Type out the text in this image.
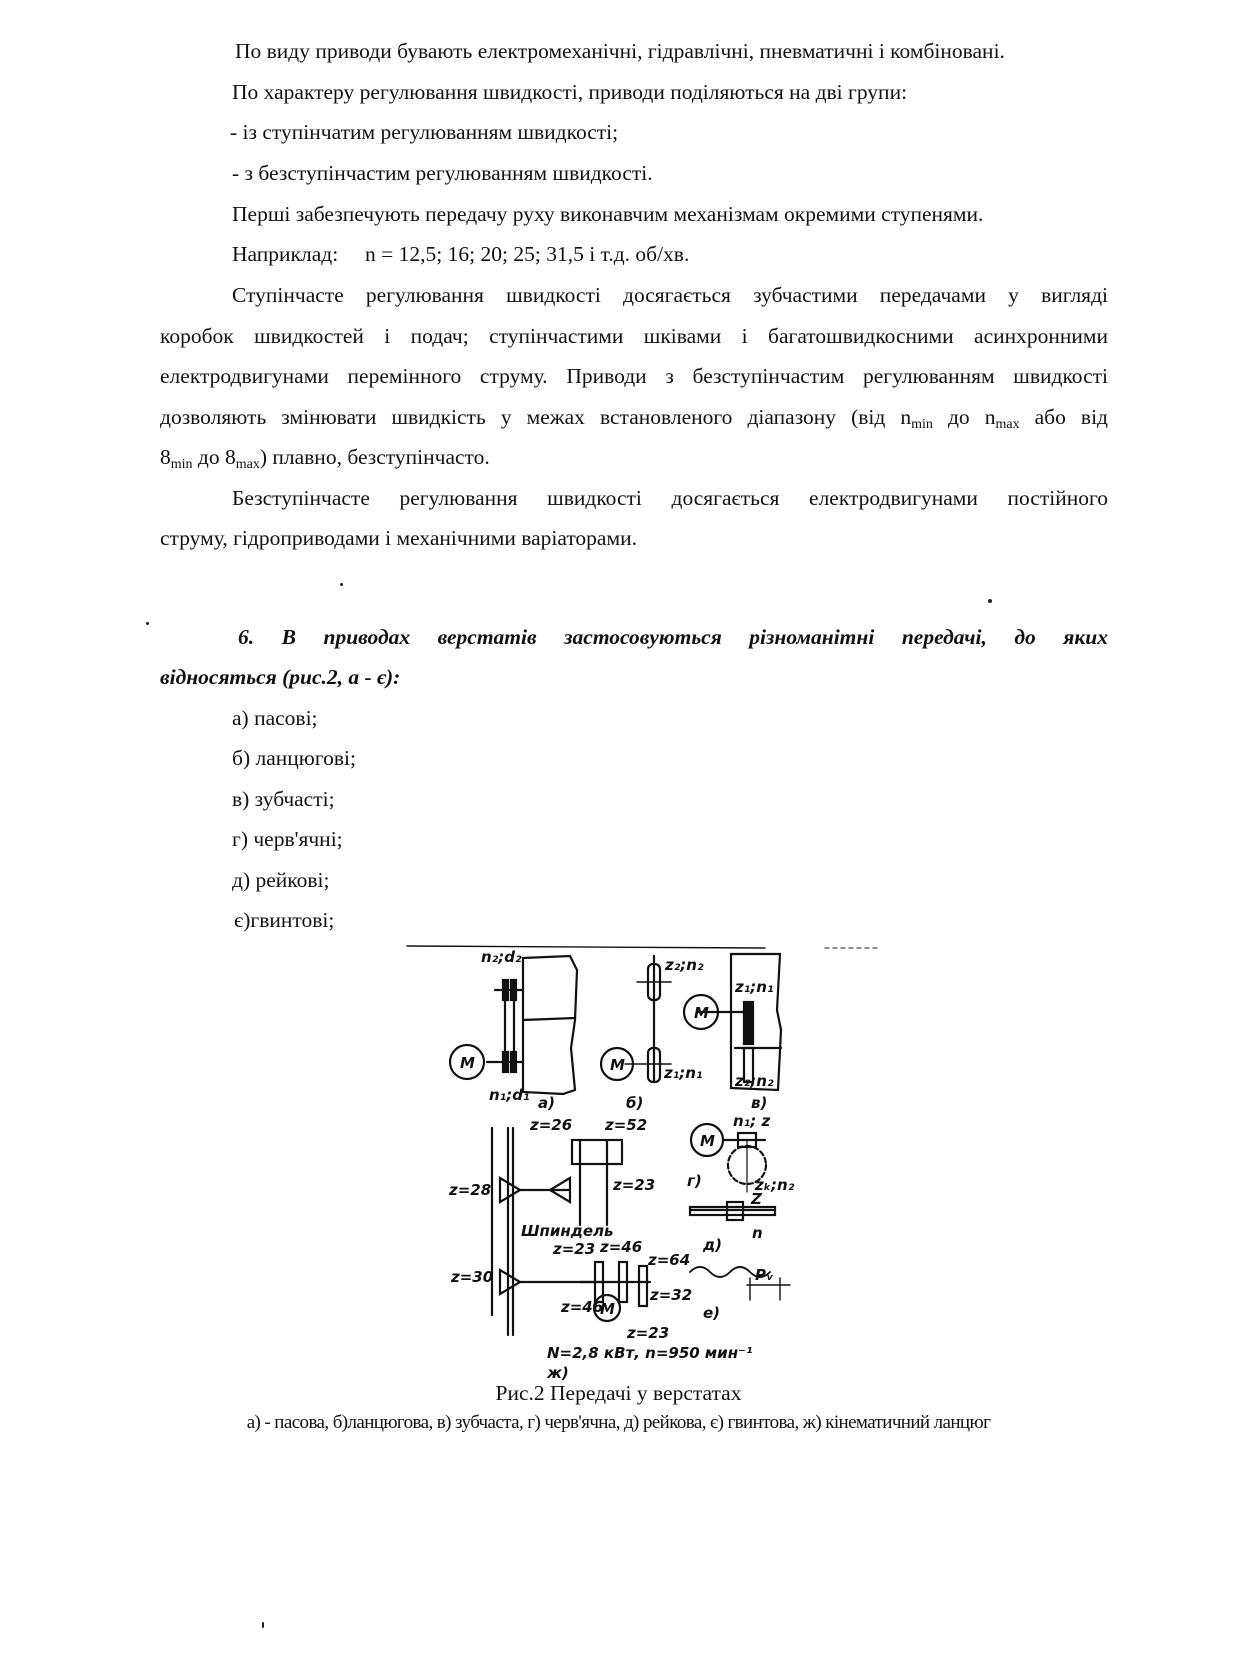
По виду приводи бувають електромеханічні, гідравлічні, пневматичні і комбіновані.
По характеру регулювання швидкості, приводи поділяються на дві групи:
- із ступінчатим регулюванням швидкості;
- з безступінчастим регулюванням швидкості.
Перші забезпечують передачу руху виконавчим механізмам окремими ступенями.
Наприклад:     n = 12,5; 16; 20; 25; 31,5 і т.д. об/хв.
Ступінчасте регулювання швидкості досягається зубчастими передачами у вигляді
коробок швидкостей і подач; ступінчастими шківами і багатошвидкосними асинхронними
електродвигунами перемінного струму. Приводи з безступінчастим регулюванням швидкості
дозволяють змінювати швидкість у межах встановленого діапазону (від $n_{min}$ до $n_{max}$ або від
$8_{min}$ до $8_{max}$) плавно, безступінчасто.
Безступінчасте регулювання швидкості досягається електродвигунами постійного
струму, гідроприводами і механічними варіаторами.
6. В приводах верстатів застосовуються різноманітні передачі, до яких
відносяться (рис.2, а - є):
а) пасові;
б) ланцюгові;
в) зубчасті;
г) черв'ячні;
д) рейкові;
є)гвинтові;
n₂;d₂
n₁;d₁
M
а)
z₂;n₂
M	z₁;n₁
б)
M
z₁;n₁
z₂;n₂
в)
z=26 z=52
z=28	z=23
Шпиндель
z=23 z=46
z=64
z=30
z=46
M
z=32
z=23
N=2,8 кВт, n=950 мин⁻¹
ж)
M
n₁; z
г)	zₖ;n₂
Z
n
д)
е)
Pᵥ
Рис.2 Передачі у верстатах
а) - пасова, б)ланцюгова, в) зубчаста, г) черв'ячна, д) рейкова, є) гвинтова, ж) кінематичний ланцюг
